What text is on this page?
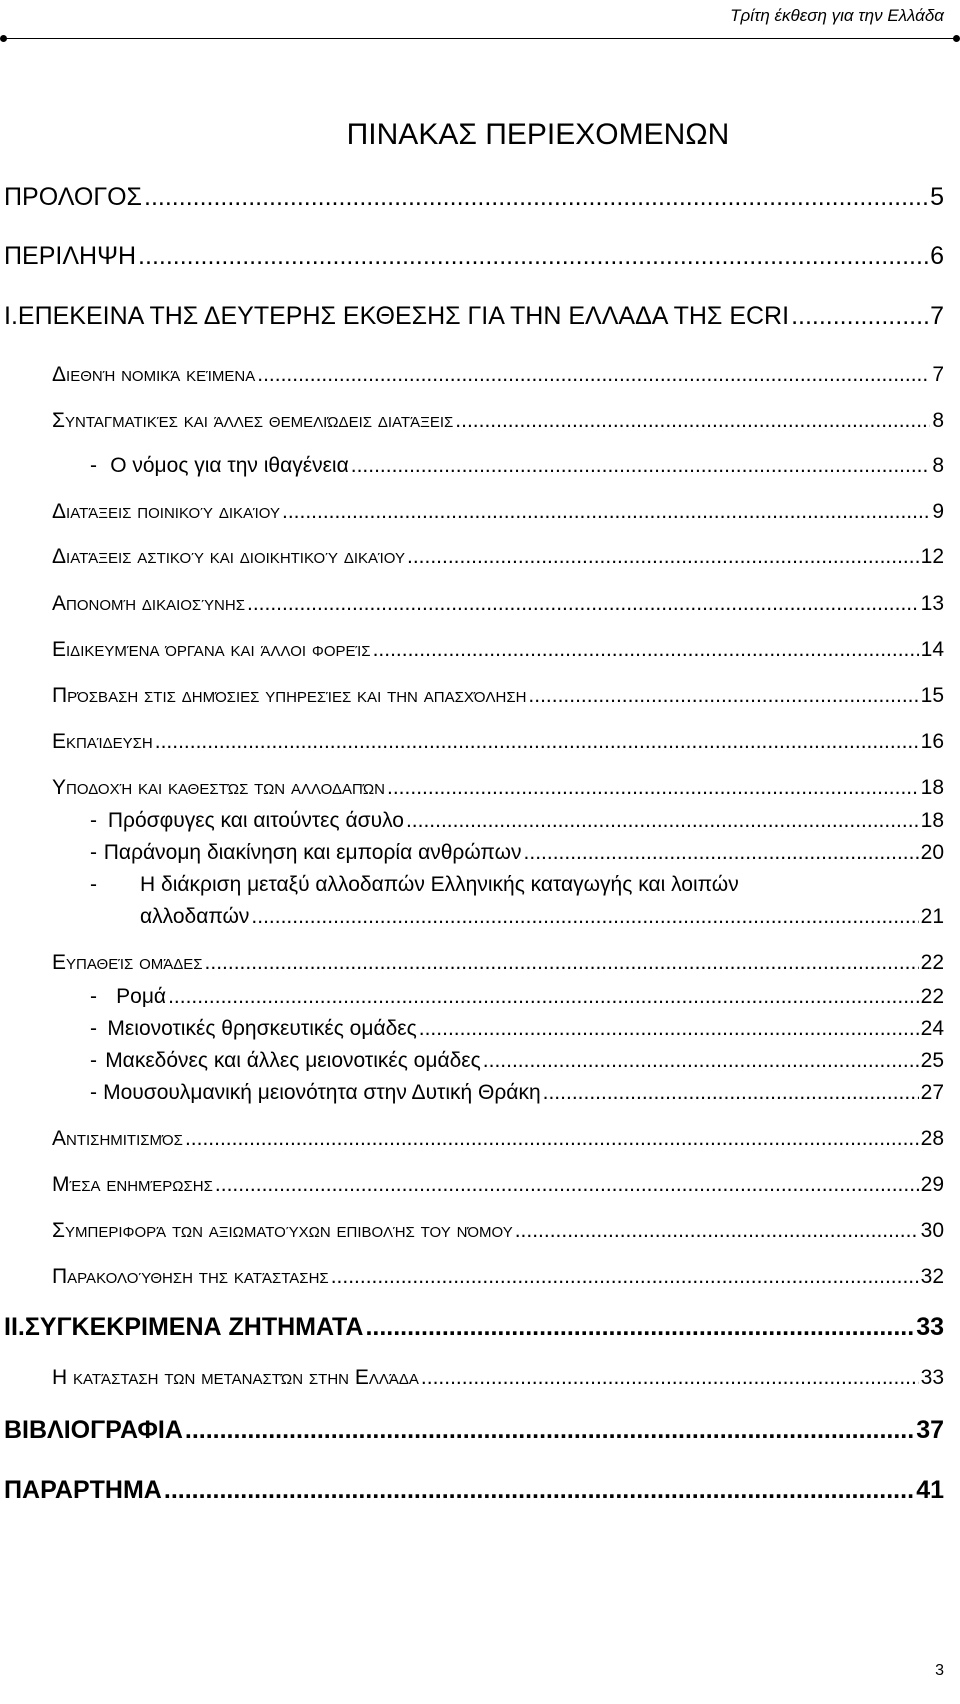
Τρίτη έκθεση για την Ελλάδα
ΠΙΝΑΚΑΣ ΠΕΡΙΕΧΟΜΕΝΩΝ
ΠΡΟΛΟΓΟΣ .....	5
ΠΕΡΙΛΗΨΗ .....	6
I. ΕΠΕΚΕΙΝΑ ΤΗΣ ΔΕΥΤΕΡΗΣ ΕΚΘΕΣΗΣ ΓΙΑ ΤΗΝ ΕΛΛΑΔΑ ΤΗΣ ECRI .....	7
Διεθνή νομικά κείμενα .....	7
Συνταγματικές και άλλες θεμελιώδεις διατάξεις .....	8
- Ο νόμος για την ιθαγένεια .....	8
Διατάξεις ποινικού δικαίου .....	9
Διατάξεις αστικού και διοικητικού δικαίου .....	12
Απονομή δικαιοσύνης .....	13
Ειδικευμένα όργανα και άλλοι φορείς .....	14
Πρόσβαση στις δημόσιες υπηρεσίες και την απασχόληση .....	15
Εκπαίδευση .....	16
Υποδοχή και καθεστώς των αλλοδαπών .....	18
- Πρόσφυγες και αιτούντες άσυλο .....	18
- Παράνομη διακίνηση και εμπορία ανθρώπων .....	20
- Η διάκριση μεταξύ αλλοδαπών Ελληνικής καταγωγής και λοιπών
αλλοδαπών .....	21
Ευπαθείς ομάδες .....	22
- Ρομά .....	22
- Μειονοτικές θρησκευτικές ομάδες .....	24
- Μακεδόνες και άλλες μειονοτικές ομάδες .....	25
- Μουσουλμανική μειονότητα στην Δυτική Θράκη .....	27
Αντισημιτισμός .....	28
Μέσα ενημέρωσης .....	29
Συμπεριφορά των αξιωματούχων επιβολής του νόμου .....	30
Παρακολούθηση της κατάστασης .....	32
II. ΣΥΓΚΕΚΡΙΜΕΝΑ ΖΗΤΗΜΑΤΑ .....	33
Η κατάσταση των μεταναστών στην Ελλάδα .....	33
ΒΙΒΛΙΟΓΡΑΦΙΑ .....	37
ΠΑΡΑΡΤΗΜΑ .....	41
3
